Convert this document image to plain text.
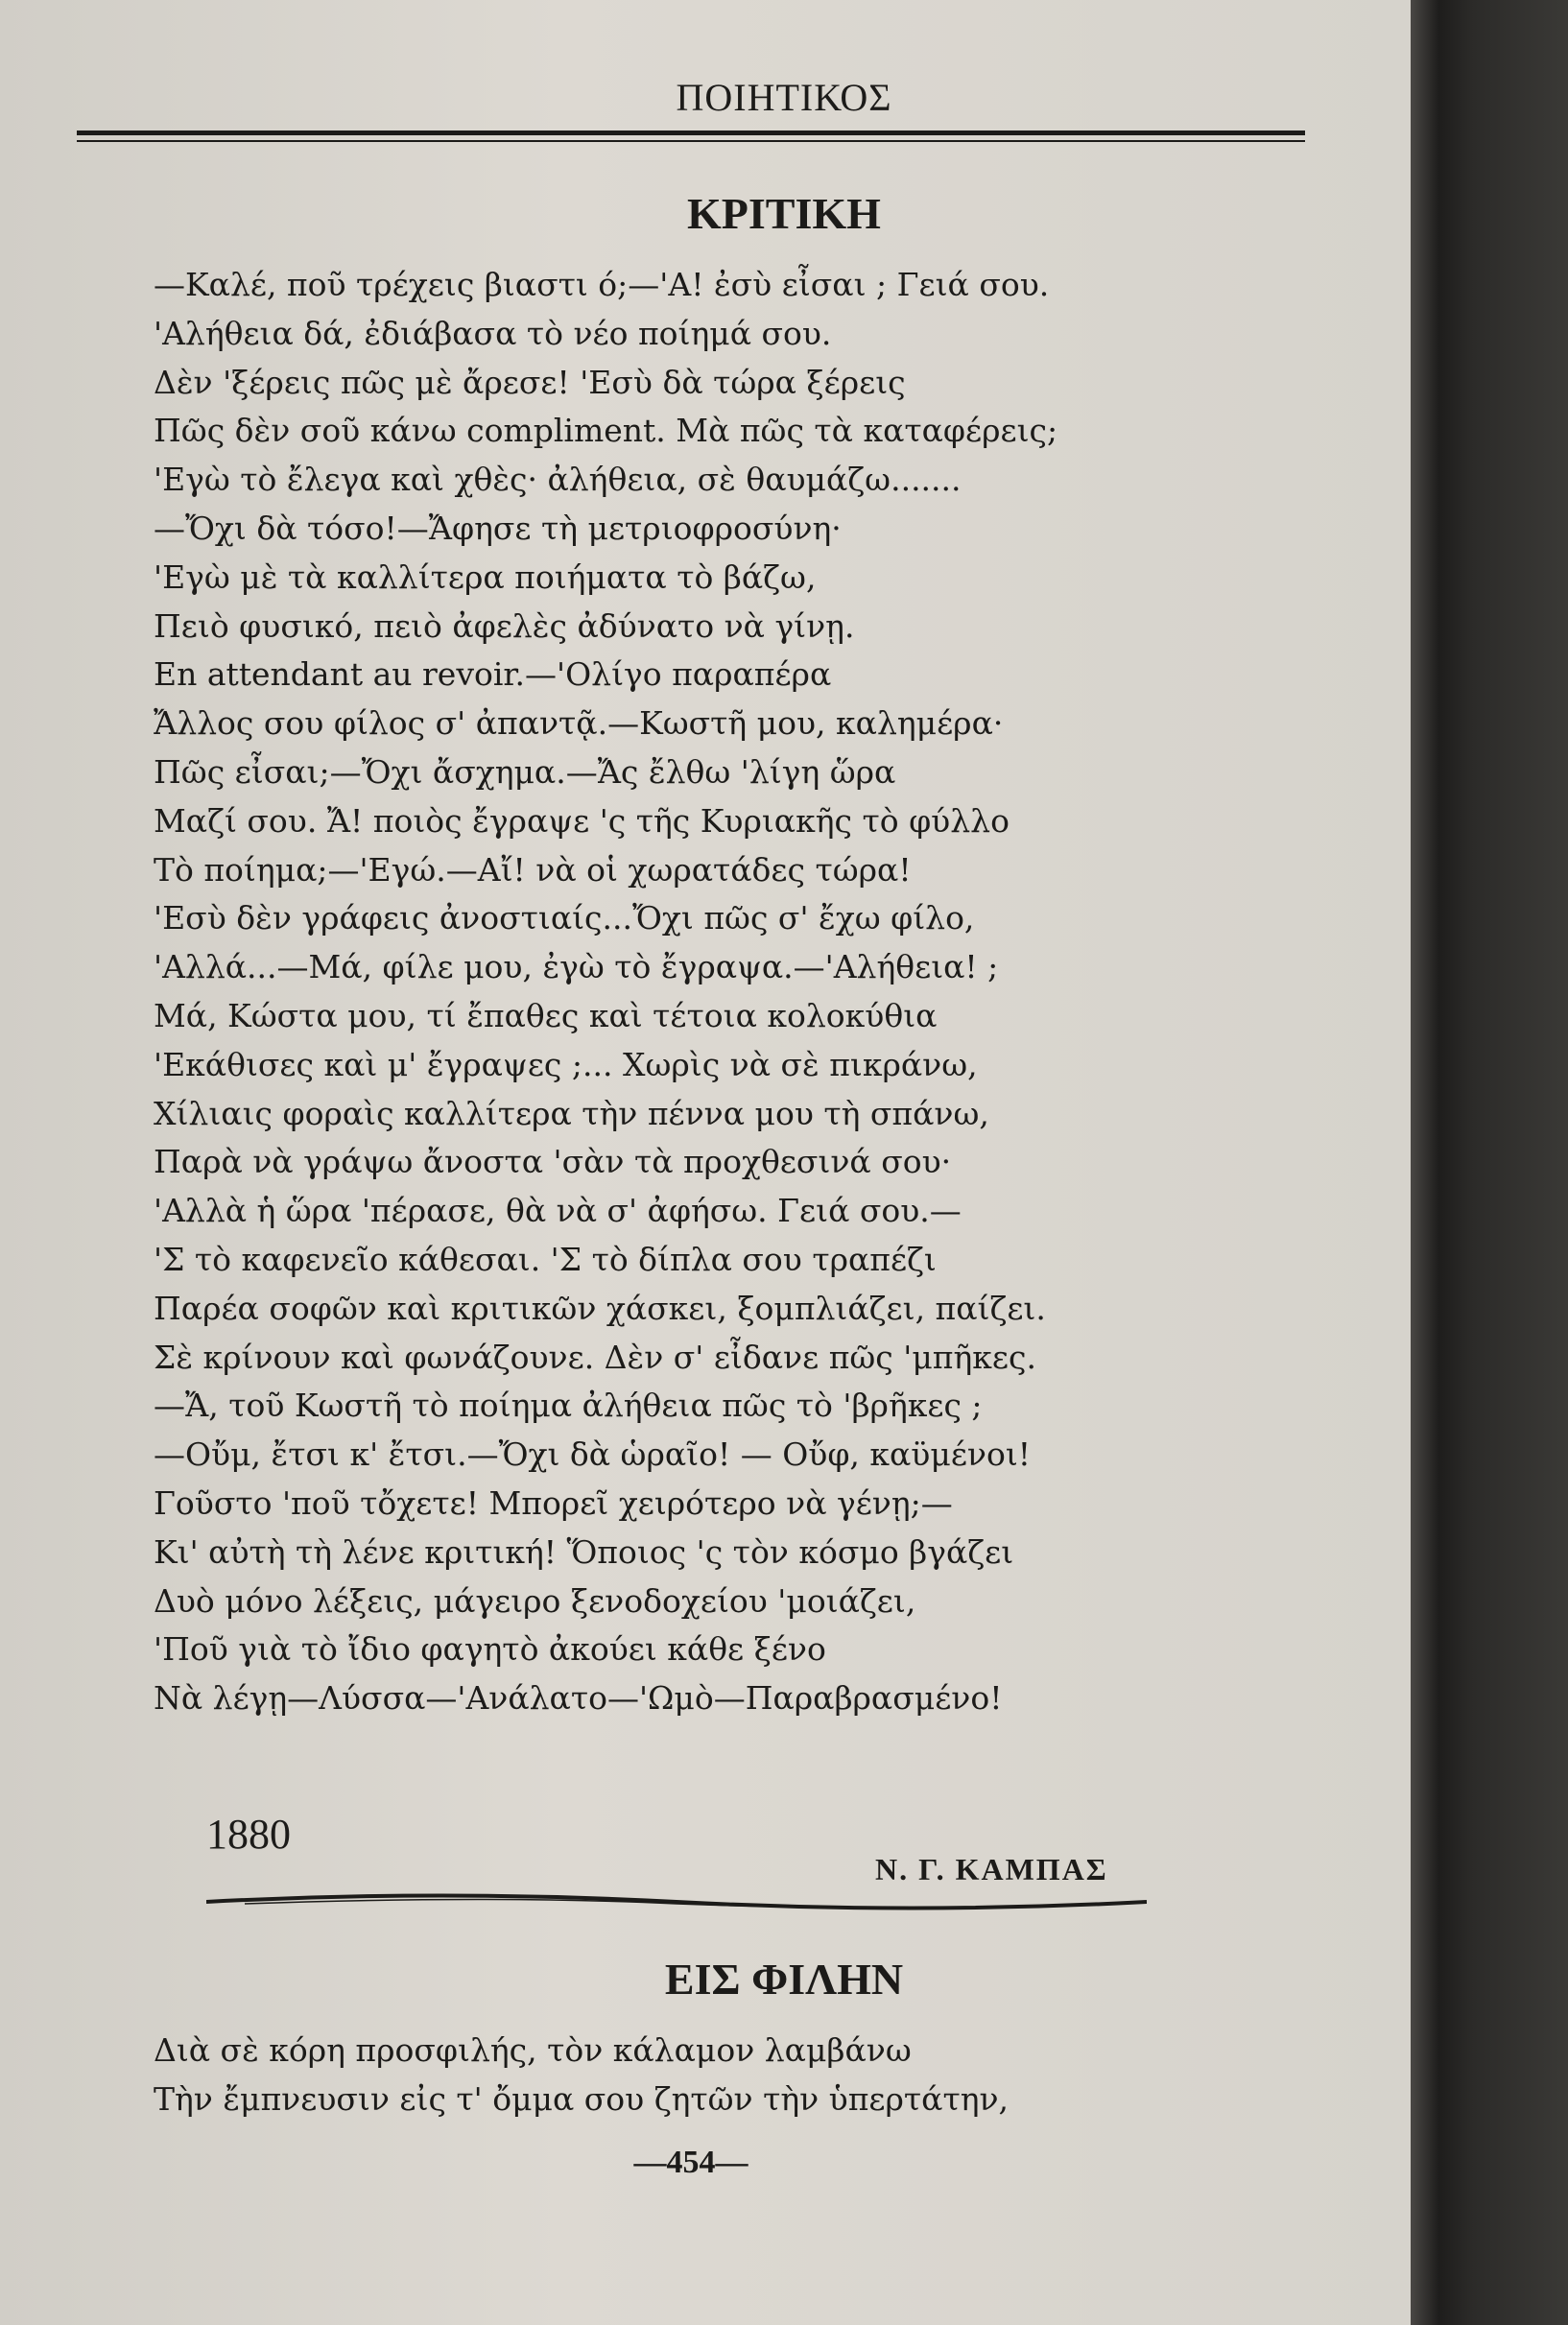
ΠΟΙΗΤΙΚΟΣ
ΚΡΙΤΙΚΗ
—Καλέ, ποῦ τρέχεις βιαστι ό;—'Α! ἐσὺ εἶσαι ; Γειά σου.
'Αλήθεια δά, ἐδιάβασα τὸ νέο ποίημά σου.
Δὲν 'ξέρεις πῶς μὲ ἄρεσε! 'Εσὺ δὰ τώρα ξέρεις
Πῶς δὲν σοῦ κάνω compliment. Μὰ πῶς τὰ καταφέρεις;
'Εγὼ τὸ ἔλεγα καὶ χθὲς· ἀλήθεια, σὲ θαυμάζω.......
—Ὄχι δὰ τόσο!—Ἄφησε τὴ μετριοφροσύνη·
'Εγὼ μὲ τὰ καλλίτερα ποιήματα τὸ βάζω,
Πειὸ φυσικό, πειὸ ἀφελὲς ἀδύνατο νὰ γίνῃ.
En attendant au revoir.—'Ολίγο παραπέρα
Ἄλλος σου φίλος σ' ἀπαντᾷ.—Κωστῆ μου, καλημέρα·
Πῶς εἶσαι;—Ὄχι ἄσχημα.—Ἄς ἔλθω 'λίγη ὥρα
Μαζί σου. Ἄ! ποιὸς ἔγραψε 'ς τῆς Κυριακῆς τὸ φύλλο
Τὸ ποίημα;—'Εγώ.—Αἴ! νὰ οἱ χωρατάδες τώρα!
'Εσὺ δὲν γράφεις ἀνοστιαίς...Ὄχι πῶς σ' ἔχω φίλο,
'Αλλά...—Μά, φίλε μου, ἐγὼ τὸ ἔγραψα.—'Αλήθεια! ;
Μά, Κώστα μου, τί ἔπαθες καὶ τέτοια κολοκύθια
'Εκάθισες καὶ μ' ἔγραψες ;... Χωρὶς νὰ σὲ πικράνω,
Χίλιαις φοραὶς καλλίτερα τὴν πέννα μου τὴ σπάνω,
Παρὰ νὰ γράψω ἄνοστα 'σὰν τὰ προχθεσινά σου·
'Αλλὰ ἡ ὥρα 'πέρασε, θὰ νὰ σ' ἀφήσω. Γειά σου.—
'Σ τὸ καφενεῖο κάθεσαι. 'Σ τὸ δίπλα σου τραπέζι
Παρέα σοφῶν καὶ κριτικῶν χάσκει, ξομπλιάζει, παίζει.
Σὲ κρίνουν καὶ φωνάζουνε. Δὲν σ' εἶδανε πῶς 'μπῆκες.
—Ἄ, τοῦ Κωστῆ τὸ ποίημα ἀλήθεια πῶς τὸ 'βρῆκες ;
—Οὔμ, ἔτσι κ' ἔτσι.—Ὄχι δὰ ὡραῖο! — Οὔφ, καϋμένοι!
Γοῦστο 'ποῦ τὄχετε! Μπορεῖ χειρότερο νὰ γένῃ;—
Κι' αὐτὴ τὴ λένε κριτική! Ὅποιος 'ς τὸν κόσμο βγάζει
Δυὸ μόνο λέξεις, μάγειρο ξενοδοχείου 'μοιάζει,
'Ποῦ γιὰ τὸ ἴδιο φαγητὸ ἀκούει κάθε ξένο
Νὰ λέγῃ—Λύσσα—'Ανάλατο—'Ωμὸ—Παραβρασμένο!
1880
Ν. Γ. ΚΑΜΠΑΣ
ΕΙΣ ΦΙΛΗΝ
Διὰ σὲ κόρη προσφιλής, τὸν κάλαμον λαμβάνω
Τὴν ἔμπνευσιν εἰς τ' ὄμμα σου ζητῶν τὴν ὑπερτάτην,
—454—
